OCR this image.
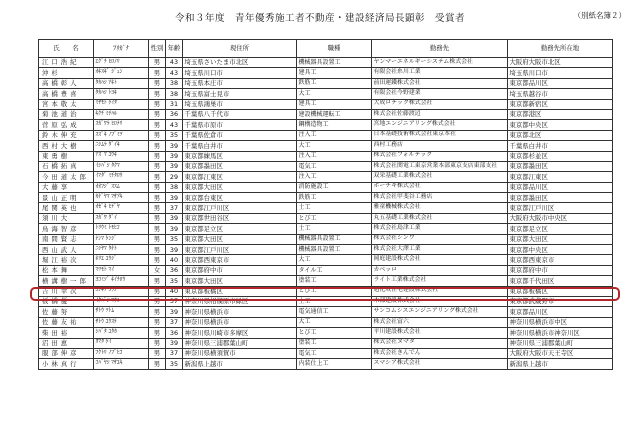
令和３年度　青年優秀施工者不動産・建設経済局長顕彰　受賞者	（別紙名簿２）
氏　　名	ﾌﾘｶﾞﾅ	性別	年齢	現住所	職種	勤務先	勤務先所在地
江口浩紀	ｴｸﾞﾁ ﾋﾛﾉﾘ	男	43	埼玉県さいたま市北区	機械器具設置工	ヤンマーエネルギーシステム株式会社	大阪府大阪市北区
沖杉	ｵｷｽｷﾞ ｼﾞｭﾝ	男	43	埼玉県川口市	建具工	有限会社糸川工業	埼玉県川口市
高橋彰人	ﾀｶﾊｼ ｱｷﾄ	男	38	埼玉県本庄市	鉄筋工	前田運鐵株式会社	東京都品川区
高橋豊喜	ﾀｶﾊｼ ﾄﾖｷ	男	38	埼玉県富士見市	大工	有限会社今野建業	埼玉県越谷市
宮本敬太	ﾐﾔﾓﾄ ｹｲﾀ	男	31	埼玉県鴻巣市	建具工	大成ロテック株式会社	東京都新宿区
菊池道治	ｷｸﾁ ﾐﾁﾊﾙ	男	36	千葉県八千代市	建設機械運転工	株式会社佐藤渡辺	東京都港区
菅原弘成	ｽｶﾞﾜﾗ ﾋﾛﾅﾘ	男	43	千葉県市原市	鋼構造物工	宮地エンジニアリング株式会社	東京都中央区
鈴木伸充	ｽｽﾞｷ ﾉﾌﾞﾐﾂ	男	35	千葉県佐倉市	注入工	日本基礎技術株式会社東京本社	東京都北区
西村大樹	ﾆｼﾑﾗ ﾀﾞｲｷ	男	39	千葉県白井市	大工	西村工務店	千葉県白井市
東勇樹	ｱｽﾞﾏ ﾕｳｷ	男	39	東京都練馬区	注入工	株式会社フォルテック	東京都杉並区
石橋拓真	ｲｼﾊﾞｼ ﾀｸﾏ	男	39	東京都墨田区	電気工	株式会社関電工東京営業本部東京支店東部支社	東京都墨田区
今田道太郎	ｲﾏﾀﾞ ﾐﾁﾀﾛｳ	男	29	東京都江東区	注入工	双栄基礎工業株式会社	東京都江東区
大藤享	ｵｵﾌｼﾞ ｽｽﾑ	男	38	東京都大田区	消防施設工	ホーチキ株式会社	東京都品川区
景山正明	ｶｹﾞﾔﾏ ﾏｻｱｷ	男	39	東京都台東区	鉄筋工	株式会社甲斐谷工務店	東京都墨田区
尾関英也	ｵｾﾞｷ ﾋﾃﾞﾔ	男	37	東京都江戸川区	土工	雅童機械株式会社	東京都江戸川区
須川大	ｽｶﾞﾜ ﾀﾞｲ	男	39	東京都世田谷区	とび工	丸五基礎工業株式会社	大阪府大阪市中央区
鳥海智彦	ﾄﾘｳﾐ ﾄﾓﾋｺ	男	39	東京都足立区	土工	株式会社島津工業	東京都足立区
南間賢志	ﾅﾝﾏ ｹﾝｼﾞ	男	35	東京都大田区	機械器具設置工	株式会社シンワ	東京都大田区
西山武人	ﾆｼﾔﾏ ﾀｹﾄ	男	39	東京都江戸川区	機械器具設置工	株式会社大澤工業	東京都中央区
堀江裕次	ﾎﾘｴ ﾕｳｼﾞ	男	40	東京都西東京市	大工	岡庭建設株式会社	東京都西東京市
松本舞	ﾏﾂﾓﾄ ﾏｲ	女	36	東京都府中市	タイル工	カベッロ	東京都府中市
横溝樹一郎	ﾖｺﾐｿﾞ ｷｲﾁﾛｳ	男	35	東京都大田区	塗装工	ライト工業株式会社	東京都千代田区
吉川幸次	ﾖｼｷﾜ ｺｳｼﾞ	男	40	東京都板橋区	とび工	旭化成住宅建設株式会社	東京都板橋区
板橋優	ｲﾀﾊﾞｼ ﾏｻﾙ	男	37	神奈川県相模原市緑区	土工	木部建設株式会社	東京都武蔵野市
佐藤努	ｻﾄｳ ﾂﾄﾑ	男	39	神奈川県横浜市	電気通信工	サンコムシスエンジニアリング株式会社	東京都品川区
佐藤友祐	ｻﾄｳ ﾕｳｽｹ	男	37	神奈川県横浜市	大工	株式会社富六	神奈川県横浜市中区
柴田裕	ｼﾊﾞﾀ ﾕﾀｶ	男	36	神奈川県川崎市多摩区	とび工	平川建設株式会社	神奈川県横浜市神奈川区
沼田恵	ﾇﾏﾀ ｹｲ	男	39	神奈川県三浦郡葉山町	塗装工	株式会社ヌマタ	神奈川県三浦郡葉山町
服部伸彦	ﾌｸﾄﾘ ﾉﾌﾞﾋｺ	男	37	神奈川県横須賀市	電気工	株式会社きんでん	大阪府大阪市天王寺区
小林真行	ｺﾊﾞﾔｼ ﾏｻﾕｷ	男	35	新潟県上越市	内装仕上工	スマシア株式会社	新潟県上越市
